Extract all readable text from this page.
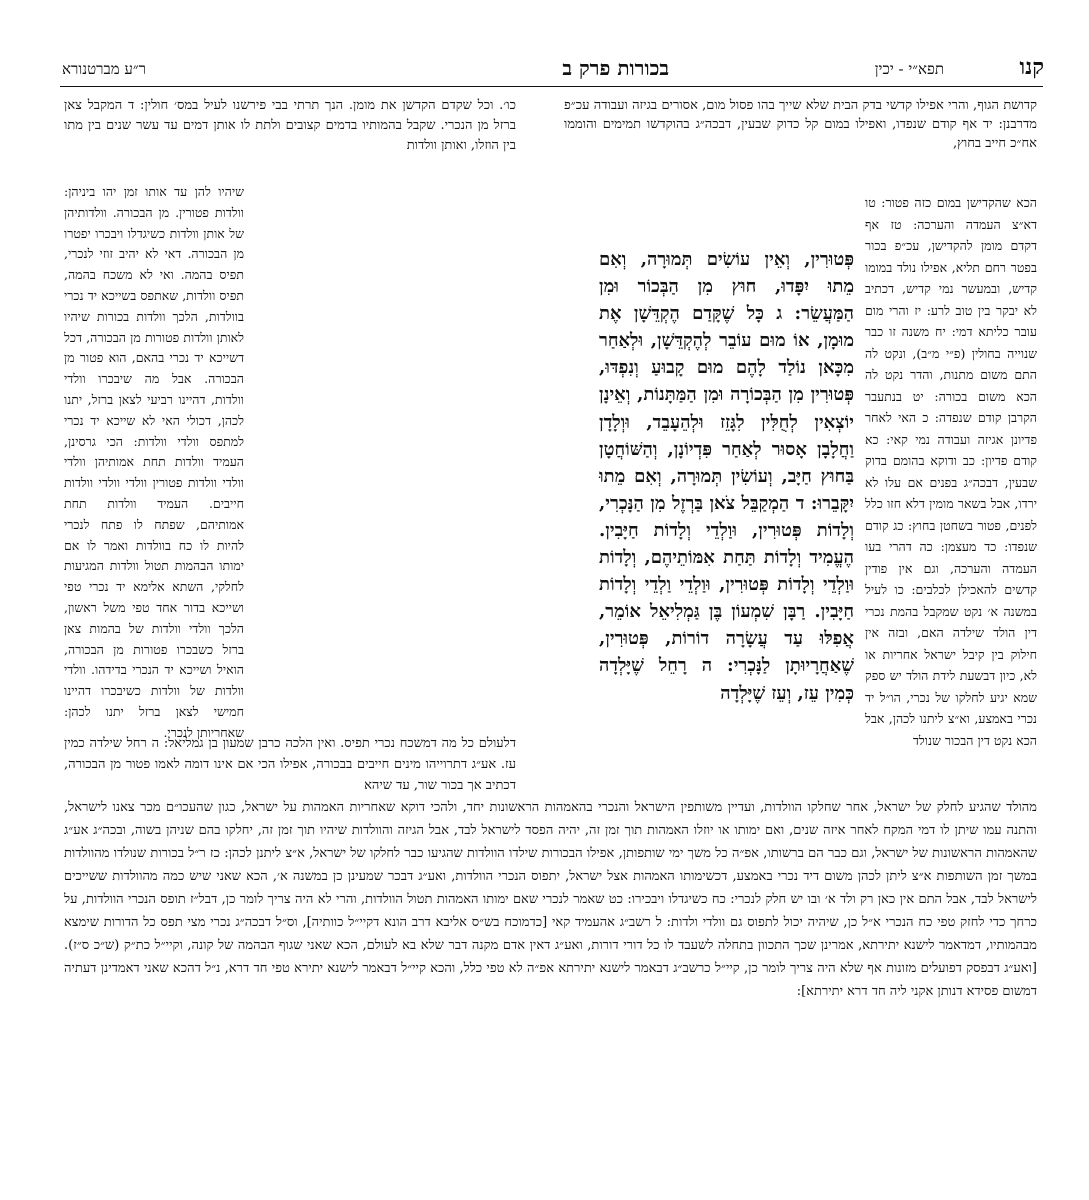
קנו
תפא״י - יכין
בכורות פרק ב
ר״ע מברטנורא

קדושת הגוף, והרי אפילו קדשי בדק הבית שלא שייך בהו פסול מום, אסורים בגיזה ועבודה עכ״פ מדרבנן: יד אף קודם שנפדו, ואפילו במום קל כדוק שבעין, דבכה״ג בהוקדשו תמימים והוממו אח״כ חייב בחוץ,

הכא שהקדישן במום כזה פטור: טו דא״צ העמדה והערכה: טז אף דקדם מומן להקדישן, עכ״פ בכור בפטר רחם תליא, אפילו נולד במומו קדיש, ובמעשר נמי קדיש, דכתיב לא יבקר בין טוב לרע: יז והרי מום עובר כליתא דמי: יח משנה זו כבר שנוייה בחולין (פ״י מ״ב), ונקט לה התם משום מתנות, והדר נקט לה הכא משום בכורה: יט בנתעבר הקרבן קודם שנפדה: כ האי לאחר פדיונן אגיזה ועבודה נמי קאי: כא קודם פדיון: כב ודוקא בהומם בדוק שבעין, דבכה״ג בפנים אם עלו לא ירדו, אבל בשאר מומין דלא חזו כלל לפנים, פטור בשחטן בחוץ: כג קודם שנפדו: כד מעצמן: כה דהרי בעו העמדה והערכה, וגם אין פודין קדשים להאכילן לכלבים: כו לעיל במשנה א׳ נקט שמקבל בהמת נכרי דין הולד שילדה האם, ובזה אין חילוק בין קיבל ישראל אחריות או לא, כיון דבשעת לידת הולד יש ספק שמא יגיע לחלקו של נכרי, הו״ל יד נכרי באמצע, וא״צ ליתנו לכהן, אבל הכא נקט דין הבכור שנולד

פְּטוּרִין, וְאֵין עוֹשִׂים תְּמוּרָה, וְאִם מֵתוּ יִפָּדוּ, חוּץ מִן הַבְּכוֹר וּמִן הַמַּעֲשֵׂר: ג כָּל שֶׁקָּדַם הֶקְדֵּשָׁן אֶת מוּמָן, אוֹ מוּם עוֹבֵר לְהֶקְדֵּשָׁן, וּלְאַחַר מִכָּאן נוֹלַד לָהֶם מוּם קָבוּעַ וְנִפְדּוּ, פְּטוּרִין מִן הַבְּכוֹרָה וּמִן הַמַּתָּנוֹת, וְאֵינָן יוֹצְאִין לְחֻלִּין לִגָּזֵז וּלְהֵעָבֵד, וּוְלָדָן וַחֲלָבָן אָסוּר לְאַחַר פִּדְיוֹנָן, וְהַשּׁוֹחֲטָן בַּחוּץ חַיָּב, וְעוֹשִׂין תְּמוּרָה, וְאִם מֵתוּ יִקָּבֵרוּ: ד הַמְקַבֵּל צֹאן בַּרְזֶל מִן הַנָּכְרִי, וְלָדוֹת פְּטוּרִין, וּוַלְדֵי וְלָדוֹת חַיָּבִין. הֶעֱמִיד וְלָדוֹת תַּחַת אִמּוֹתֵיהֶם, וְלָדוֹת וּוַלְדֵי וְלָדוֹת פְּטוּרִין, וּוַלְדֵי וַלְדֵי וְלָדוֹת חַיָּבִין. רַבָּן שִׁמְעוֹן בֶּן גַּמְלִיאֵל אוֹמֵר, אֲפִלּוּ עַד עֲשָׂרָה דוֹרוֹת, פְּטוּרִין, שֶׁאַחֲרָיוּתָן לַנָּכְרִי: ה רָחֵל שֶׁיָּלְדָה כְּמִין עֵז, וְעֵז שֶׁיָּלְדָה

כו׳. וכל שקדם הקדשן את מומן. הנך תרתי בבי פירשנו לעיל במס׳ חולין: ד המקבל צאן ברזל מן הנכרי. שקבל בהמותיו בדמים קצובים ולתת לו אותן דמים עד עשר שנים בין מתו בין הוזלו, ואותן וולדות

שיהיו להן עד אותו זמן יהו ביניהן: וולדות פטורין. מן הבכורה. וולדותיהן של אותן וולדות כשיגדלו ויבכרו יפטרו מן הבכורה. דאי לא יהיב זוזי לנכרי, תפיס בהמה. ואי לא משכח בהמה, תפיס וולדות, שאתפס בשייכא יד נכרי בוולדות, הלכך וולדות בכורות שיהיו לאותן וולדות פטורות מן הבכורה, דכל דשייכא יד נכרי בהאם, הוא פטור מן הבכורה. אבל מה שיבכרו וולדי וולדות, דהיינו רביעי לצאן ברזל, יתנו לכהן, דכולי האי לא שייכא יד נכרי למתפס וולדי וולדות: הכי גרסינן, העמיד וולדות תחת אמותיהן וולדי וולדי וולדות פטורין וולדי וולדי וולדות חייבים. העמיד וולדות תחת אמותיהם, שפתח לו פתח לנכרי להיות לו כח בוולדות ואמר לו אם ימותו הבהמות תטול וולדות המגיעות לחלקי, השתא אלימא יד נכרי טפי ושייכא בדור אחד טפי משל ראשון, הלכך וולדי וולדות של בהמות צאן ברזל כשבכרו פטורות מן הבכורה, הואיל ושייכא יד הנכרי בדידהו. וולדי וולדות של וולדות כשיבכרו דהיינו חמישי לצאן ברזל יתנו לכהן: שאחריותן לנכרי.

דלעולם כל מה דמשכח נכרי תפיס. ואין הלכה כרבן שמעון בן גמליאל: ה רחל שילדה כמין עז. אע״ג דתרוייהו מינים חייבים בבכורה, אפילו הכי אם אינו דומה לאמו פטור מן הבכורה, דכתיב אך בכור שור, עד שיהא

מהולד שהגיע לחלק של ישראל, אחר שחלקו הוולדות, ועדיין משותפין הישראל והנכרי בהאמהות הראשונות יחד, ולהכי דוקא שאחריות האמהות על ישראל, כגון שהעכו״ם מכר צאנו לישראל, והתנה עמו שיתן לו דמי המקח לאחר איזה שנים, ואם ימותו או יוזלו האמהות תוך זמן זה, יהיה הפסד לישראל לבד, אבל הגיזה והוולדות שיהיו תוך זמן זה, יחלקו בהם שניהן בשוה, ובכה״ג אע״ג שהאמהות הראשונות של ישראל, וגם כבר הם ברשותו, אפ״ה כל משך ימי שותפותן, אפילו הבכורות שילדו הוולדות שהגיעו כבר לחלקו של ישראל, א״צ ליתנן לכהן: כז ר״ל בכורות שנולדו מהוולדות במשך זמן השותפות א״צ ליתן לכהן משום דיד נכרי באמצע, דכשימותו האמהות אצל ישראל, יתפוס הנכרי הוולדות, ואע״ג דבכר שמעינן כן במשנה א׳, הכא שאני שיש כמה מהוולדות ששייכים לישראל לבד, אבל התם אין כאן רק ולד א׳ ובו יש חלק לנכרי: כח כשיגדלו ויבכירו: כט שאמר לנכרי שאם ימותו האמהות תטול הוולדות, והרי לא היה צריך לומר כן, דבל״ז תופס הנכרי הוולדות, על כרחך כדי לחזק טפי כח הנכרי א״ל כן, שיהיה יכול לתפוס גם וולדי ולדות: ל רשב״ג אהעמיד קאי [כדמוכח בש״ס אליבא דרב הונא דקיי״ל כוותיה], וס״ל דבכה״ג נכרי מצי תפס כל הדורות שימצא מבהמותיו, דמדאמר לישנא יתירתא, אמרינן שכך התכוון בתחלה לשעבד לו כל דורי דורות, ואע״ג דאין אדם מקנה דבר שלא בא לעולם, הכא שאני שגוף הבהמה של קונה, וקיי״ל כת״ק (ש״כ ס״ז). [ואע״ג דבפסק דפועלים מזונות אף שלא היה צריך לומר כן, קיי״ל כרשב״ג דבאמר לישנא יתירתא אפ״ה לא טפי כלל, והכא קיי״ל דבאמר לישנא יתירא טפי חד דרא, נ״ל דהכא שאני דאמדינן דעתיה דמשום פסידא דנותן אקני ליה חד דרא יתירתא]:
